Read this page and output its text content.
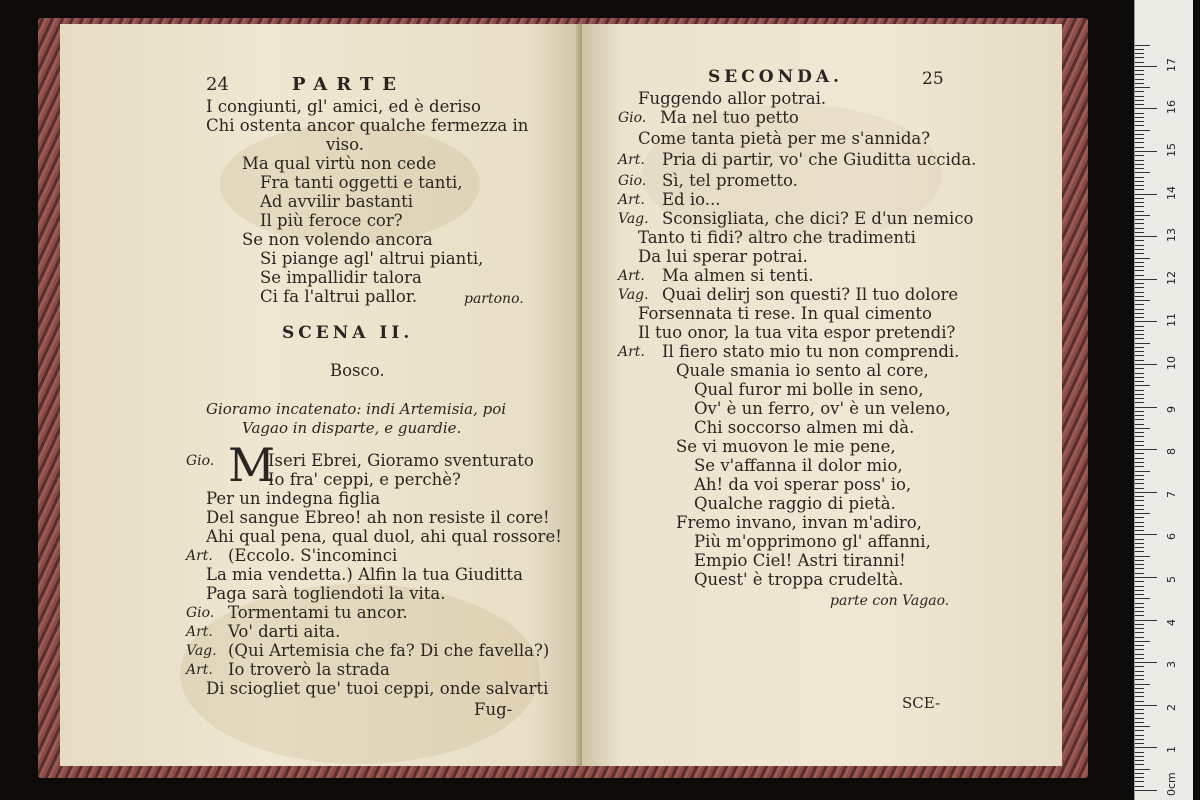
24	PARTE
I congiunti, gl' amici, ed è deriso
Chi ostenta ancor qualche fermezza in
viso.
Ma qual virtù non cede
Fra tanti oggetti e tanti,
Ad avvilir bastanti
Il più feroce cor?
Se non volendo ancora
Si piange agl' altrui pianti,
Se impallidir talora
Ci fa l'altrui pallor.	partono.
SCENA II.
Bosco.
Gioramo incatenato: indi Artemisia, poi
Vagao in disparte, e guardie.
Gio. M
Iseri Ebrei, Gioramo sventurato
Io fra' ceppi, e perchè?
Per un indegna figlia
Del sangue Ebreo! ah non resiste il core!
Ahi qual pena, qual duol, ahi qual rossore!
Art. (Eccolo. S'incominci
La mia vendetta.) Alfin la tua Giuditta
Paga sarà togliendoti la vita.
Gio. Tormentami tu ancor.
Art. Vo' darti aita.
Vag. (Qui Artemisia che fa? Di che favella?)
Art. Io troverò la strada
Di sciogliet que' tuoi ceppi, onde salvarti
Fug-
SECONDA.	25
Fuggendo allor potrai.
Gio. Ma nel tuo petto
Come tanta pietà per me s'annida?
Art. Pria di partir, vo' che Giuditta uccida.
Gio. Sì, tel prometto.
Art. Ed io...
Vag. Sconsigliata, che dici? E d'un nemico
Tanto ti fidi? altro che tradimenti
Da lui sperar potrai.
Art. Ma almen si tenti.
Vag. Quai delirj son questi? Il tuo dolore
Forsennata ti rese. In qual cimento
Il tuo onor, la tua vita espor pretendi?
Art. Il fiero stato mio tu non comprendi.
Quale smania io sento al core,
Qual furor mi bolle in seno,
Ov' è un ferro, ov' è un veleno,
Chi soccorso almen mi dà.
Se vi muovon le mie pene,
Se v'affanna il dolor mio,
Ah! da voi sperar poss' io,
Qualche raggio di pietà.
Fremo invano, invan m'adiro,
Più m'opprimono gl' affanni,
Empio Ciel! Astri tiranni!
Quest' è troppa crudeltà.
parte con Vagao.
SCE-
0cm
1
2
3
4
5
6
7
8
9
10
11
12
13
14
15
16
17
